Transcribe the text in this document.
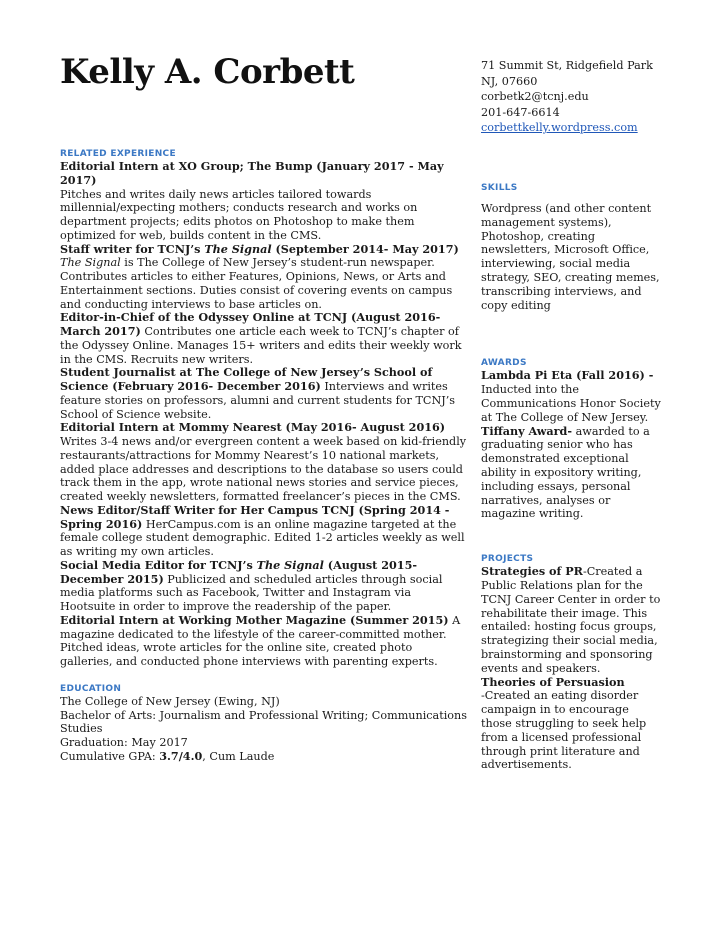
Kelly A. Corbett	71 Summit St, Ridgefield Park
NJ, 07660
corbetk2@tcnj.edu
201-647-6614
corbettkelly.wordpress.com
RELATED EXPERIENCE

Editorial Intern at XO Group; The Bump (January 2017 - May 2017)
Pitches and writes daily news articles tailored towards millennial/expecting mothers; conducts research and works on department projects; edits photos on Photoshop to make them optimized for web, builds content in the CMS.

Staff writer for TCNJ’s The Signal (September 2014- May 2017) The Signal is The College of New Jersey’s student-run newspaper. Contributes articles to either Features, Opinions, News, or Arts and Entertainment sections. Duties consist of covering events on campus and conducting interviews to base articles on.

Editor-in-Chief of the Odyssey Online at TCNJ (August 2016-March 2017) Contributes one article each week to TCNJ’s chapter of the Odyssey Online. Manages 15+ writers and edits their weekly work in the CMS. Recruits new writers.

Student Journalist at The College of New Jersey’s School of Science (February 2016- December 2016) Interviews and writes feature stories on professors, alumni and current students for TCNJ’s School of Science website.

Editorial Intern at Mommy Nearest (May 2016- August 2016)
Writes 3-4 news and/or evergreen content a week based on kid-friendly restaurants/attractions for Mommy Nearest’s 10 national markets, added place addresses and descriptions to the database so users could track them in the app, wrote national news stories and service pieces, created weekly newsletters, formatted freelancer’s pieces in the CMS.

News Editor/Staff Writer for Her Campus TCNJ (Spring 2014 -Spring 2016) HerCampus.com is an online magazine targeted at the female college student demographic. Edited 1-2 articles weekly as well as writing my own articles.

Social Media Editor for TCNJ’s The Signal (August 2015- December 2015) Publicized and scheduled articles through social media platforms such as Facebook, Twitter and Instagram via Hootsuite in order to improve the readership of the paper.

Editorial Intern at Working Mother Magazine (Summer 2015) A magazine dedicated to the lifestyle of the career-committed mother. Pitched ideas, wrote articles for the online site, created photo galleries, and conducted phone interviews with parenting experts.

EDUCATION

The College of New Jersey (Ewing, NJ)

Bachelor of Arts: Journalism and Professional Writing; Communications Studies

Graduation: May 2017

Cumulative GPA: 3.7/4.0, Cum Laude

SKILLS

Wordpress (and other content management systems), Photoshop, creating newsletters, Microsoft Office, interviewing, social media strategy, SEO, creating memes, transcribing interviews, and copy editing

AWARDS

Lambda Pi Eta (Fall 2016) - Inducted into the Communications Honor Society at The College of New Jersey.

Tiffany Award- awarded to a graduating senior who has demonstrated exceptional ability in expository writing, including essays, personal narratives, analyses or magazine writing.

PROJECTS

Strategies of PR-Created a Public Relations plan for the TCNJ Career Center in order to rehabilitate their image. This entailed: hosting focus groups, strategizing their social media, brainstorming and sponsoring events and speakers.

Theories of Persuasion
-Created an eating disorder campaign in to encourage those struggling to seek help from a licensed professional through print literature and advertisements.
